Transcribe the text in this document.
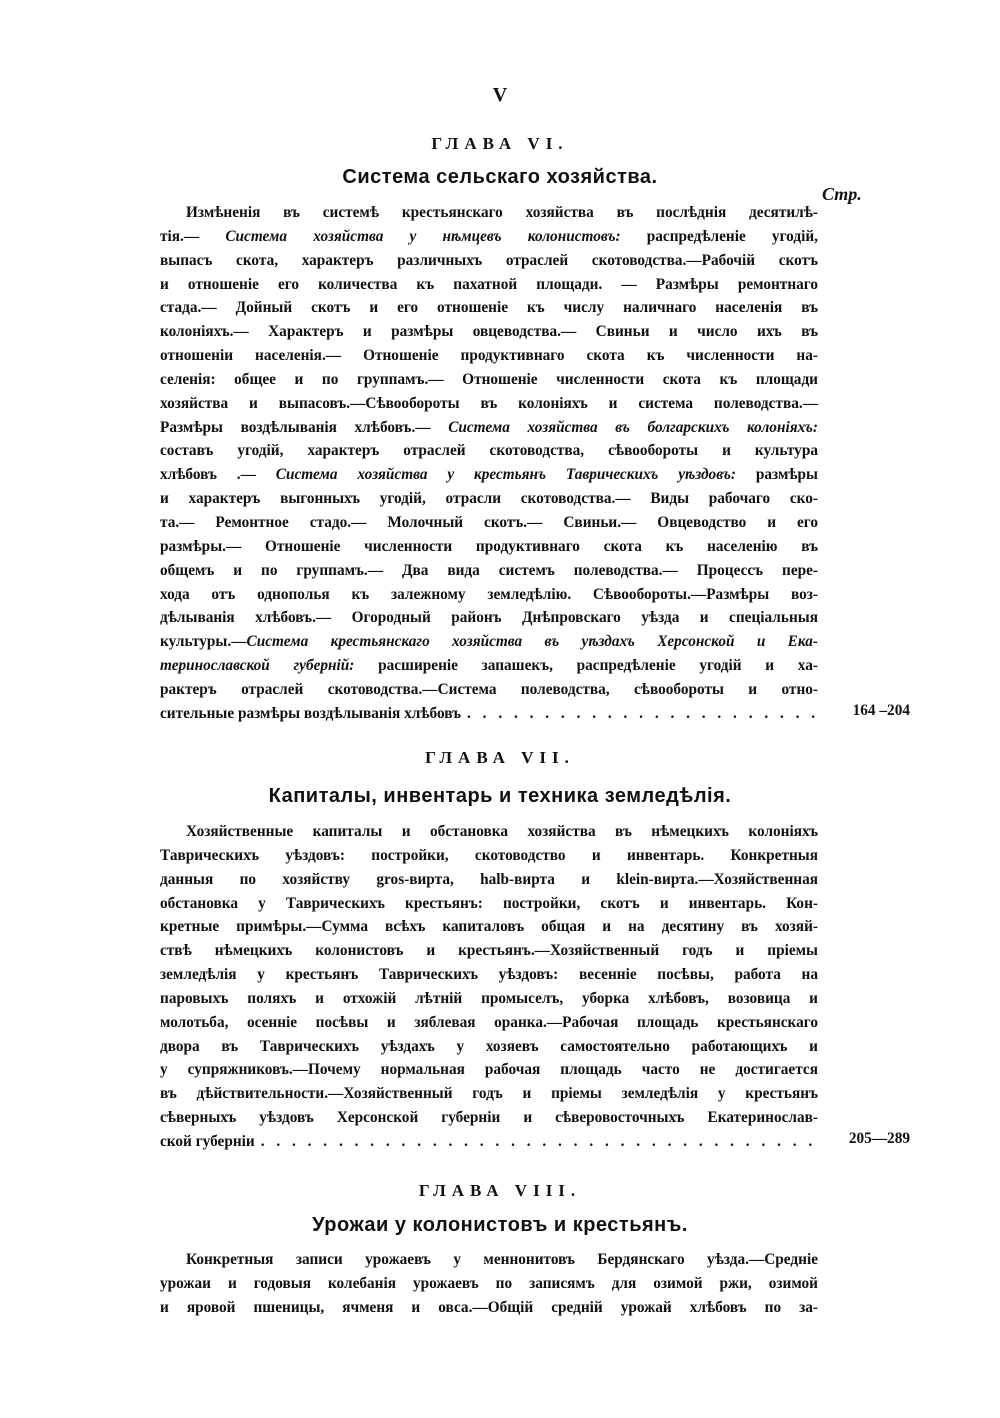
V
ГЛАВА VI.
Система сельскаго хозяйства.
Стр.
Измѣненія въ системѣ крестьянскаго хозяйства въ послѣднія десятилѣ-
тія.— Система хозяйства у нѣмцевъ колонистовъ: распредѣленіе угодій,
выпасъ скота, характеръ различныхъ отраслей скотоводства.—Рабочій скотъ
и отношеніе его количества къ пахатной площади. — Размѣры ремонтнаго
стада.— Дойный скотъ и его отношеніе къ числу наличнаго населенія въ
колоніяхъ.— Характеръ и размѣры овцеводства.— Свиньи и число ихъ въ
отношеніи населенія.— Отношеніе продуктивнаго скота къ численности на-
селенія: общее и по группамъ.— Отношеніе численности скота къ площади
хозяйства и выпасовъ.—Сѣвообороты въ колоніяхъ и система полеводства.—
Размѣры воздѣлыванія хлѣбовъ.— Система хозяйства въ болгарскихъ колоніяхъ:
составъ угодій, характеръ отраслей скотоводства, сѣвообороты и культура
хлѣбовъ .— Система хозяйства у крестьянъ Таврическихъ уѣздовъ: размѣры
и характеръ выгонныхъ угодій, отрасли скотоводства.— Виды рабочаго ско-
та.— Ремонтное стадо.— Молочный скотъ.— Свиньи.— Овцеводство и его
размѣры.— Отношеніе численности продуктивнаго скота къ населенію въ
общемъ и по группамъ.— Два вида системъ полеводства.— Процессъ пере-
хода отъ однополья къ залежному земледѣлію. Сѣвообороты.—Размѣры воз-
дѣлыванія хлѣбовъ.— Огородный районъ Днѣпровскаго уѣзда и спеціальныя
культуры.—Система крестьянскаго хозяйства въ уѣздахъ Херсонской и Ека-
теринославской губерній: расширеніе запашекъ, распредѣленіе угодій и ха-
рактеръ отраслей скотоводства.—Система полеводства, сѣвообороты и отно-
164 –204
сительные размѣры воздѣлыванія хлѣбовъ
. . .
ГЛАВА VII.
Капиталы, инвентарь и техника земледѣлія.
Хозяйственные капиталы и обстановка хозяйства въ нѣмецкихъ колоніяхъ
Таврическихъ уѣздовъ: постройки, скотоводство и инвентарь. Конкретныя
данныя по хозяйству gros-вирта, halb-вирта и klein-вирта.—Хозяйственная
обстановка у Таврическихъ крестьянъ: постройки, скотъ и инвентарь. Кон-
кретные примѣры.—Сумма всѣхъ капиталовъ общая и на десятину въ хозяй-
ствѣ нѣмецкихъ колонистовъ и крестьянъ.—Хозяйственный годъ и пріемы
земледѣлія у крестьянъ Таврическихъ уѣздовъ: весенніе посѣвы, работа на
паровыхъ поляхъ и отхожій лѣтній промыселъ, уборка хлѣбовъ, возовица и
молотьба, осенніе посѣвы и зяблевая оранка.—Рабочая площадь крестьянскаго
двора въ Таврическихъ уѣздахъ у хозяевъ самостоятельно работающихъ и
у супряжниковъ.—Почему нормальная рабочая площадь часто не достигается
въ дѣйствительности.—Хозяйственный годъ и пріемы земледѣлія у крестьянъ
сѣверныхъ уѣздовъ Херсонской губерніи и сѣверовосточныхъ Екатеринослав-
205—289
ской губерніи
. . .
ГЛАВА VIII.
Урожаи у колонистовъ и крестьянъ.
Конкретныя записи урожаевъ у меннонитовъ Бердянскаго уѣзда.—Средніе
урожаи и годовыя колебанія урожаевъ по записямъ для озимой ржи, озимой
и яровой пшеницы, ячменя и овса.—Общій средній урожай хлѣбовъ по за-
